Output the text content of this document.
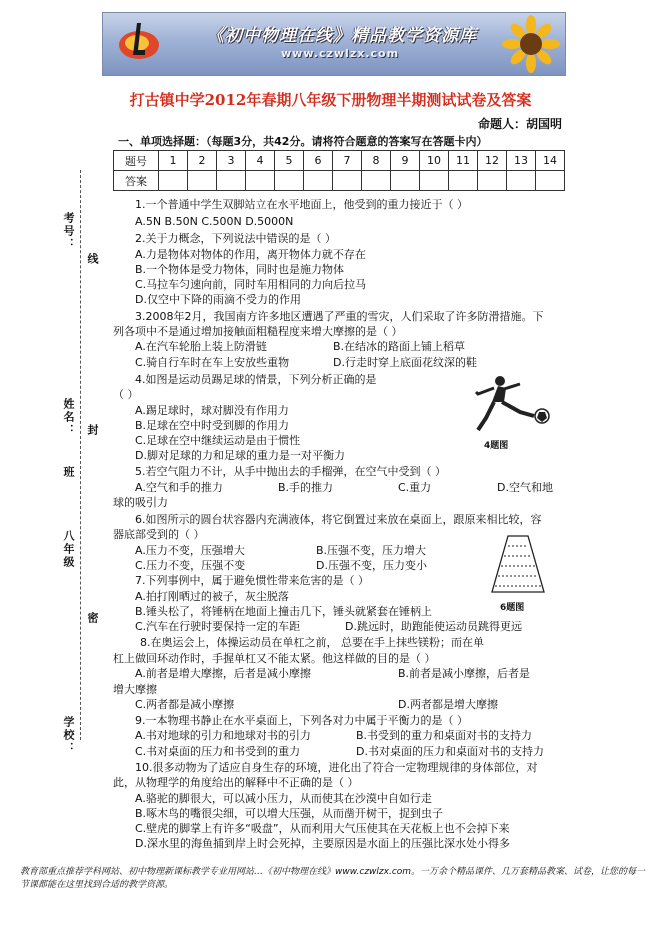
《初中物理在线》精品教学资源库
www.czwlzx.com
打古镇中学2012年春期八年级下册物理半期测试试卷及答案
命题人：胡国明
一、单项选择题：（每题3分，共42分。请将符合题意的答案写在答题卡内）
题号	1	2	3	4	5	6	7	8	9	10	11	12	13	14
答案														
考号：
线
姓名： 封
班
八年级
密
学校：
1.一个普通中学生双脚站立在水平地面上，他受到的重力接近于（ ）
A.5N B.50N C.500N D.5000N
2.关于力概念，下列说法中错误的是（ ）
A.力是物体对物体的作用，离开物体力就不存在
B.一个物体是受力物体，同时也是施力物体
C.马拉车匀速向前，同时车用相同的力向后拉马
D.仅空中下降的雨滴不受力的作用
3.2008年2月，我国南方许多地区遭遇了严重的雪灾，人们采取了许多防滑措施。下
列各项中不是通过增加接触面粗糙程度来增大摩擦的是（ ）
A.在汽车轮胎上装上防滑链	B.在结冰的路面上铺上稻草
C.骑自行车时在车上安放些重物	D.行走时穿上底面花纹深的鞋
4.如图是运动员踢足球的情景，下列分析正确的是
（ ）
A.踢足球时，球对脚没有作用力
B.足球在空中时受到脚的作用力
C.足球在空中继续运动是由于惯性
D.脚对足球的力和足球的重力是一对平衡力
5.若空气阻力不计，从手中抛出去的手榴弹，在空气中受到（ ）
A.空气和手的推力	B.手的推力	C.重力	D.空气和地
球的吸引力
6.如图所示的圆台状容器内充满液体，将它倒置过来放在桌面上，跟原来相比较，容
器底部受到的（ ）
A.压力不变，压强增大	B.压强不变，压力增大
C.压力不变，压强不变	D.压强不变，压力变小
7.下列事例中，属于避免惯性带来危害的是（ ）
A.拍打刚晒过的被子，灰尘脱落
B.锤头松了，将锤柄在地面上撞击几下，锤头就紧套在锤柄上
C.汽车在行驶时要保持一定的车距	D.跳远时，助跑能使运动员跳得更远
8.在奥运会上，体操运动员在单杠之前， 总要在手上抹些镁粉；而在单
杠上做回环动作时，手握单杠又不能太紧。他这样做的目的是（ ）
A.前者是增大摩擦，后者是减小摩擦	B.前者是减小摩擦，后者是
增大摩擦
C.两者都是减小摩擦	D.两者都是增大摩擦
9.一本物理书静止在水平桌面上，下列各对力中属于平衡力的是（ ）
A.书对地球的引力和地球对书的引力	B.书受到的重力和桌面对书的支持力
C.书对桌面的压力和书受到的重力	D.书对桌面的压力和桌面对书的支持力
10.很多动物为了适应自身生存的环境，进化出了符合一定物理规律的身体部位，对
此，从物理学的角度给出的解释中不正确的是（ ）
A.骆驼的脚很大，可以减小压力，从而使其在沙漠中自如行走
B.啄木鸟的嘴很尖细，可以增大压强，从而凿开树干，捉到虫子
C.壁虎的脚掌上有许多“吸盘”，从而利用大气压使其在天花板上也不会掉下来
D.深水里的海鱼捕到岸上时会死掉，主要原因是水面上的压强比深水处小得多
4题图
6题图
教育部重点推荐学科网站、初中物理新课标教学专业用网站…《初中物理在线》www.czwlzx.com。一万余个精品课件、几万套精品教案、试卷，让您的每一节课都能在这里找到合适的教学资源。
